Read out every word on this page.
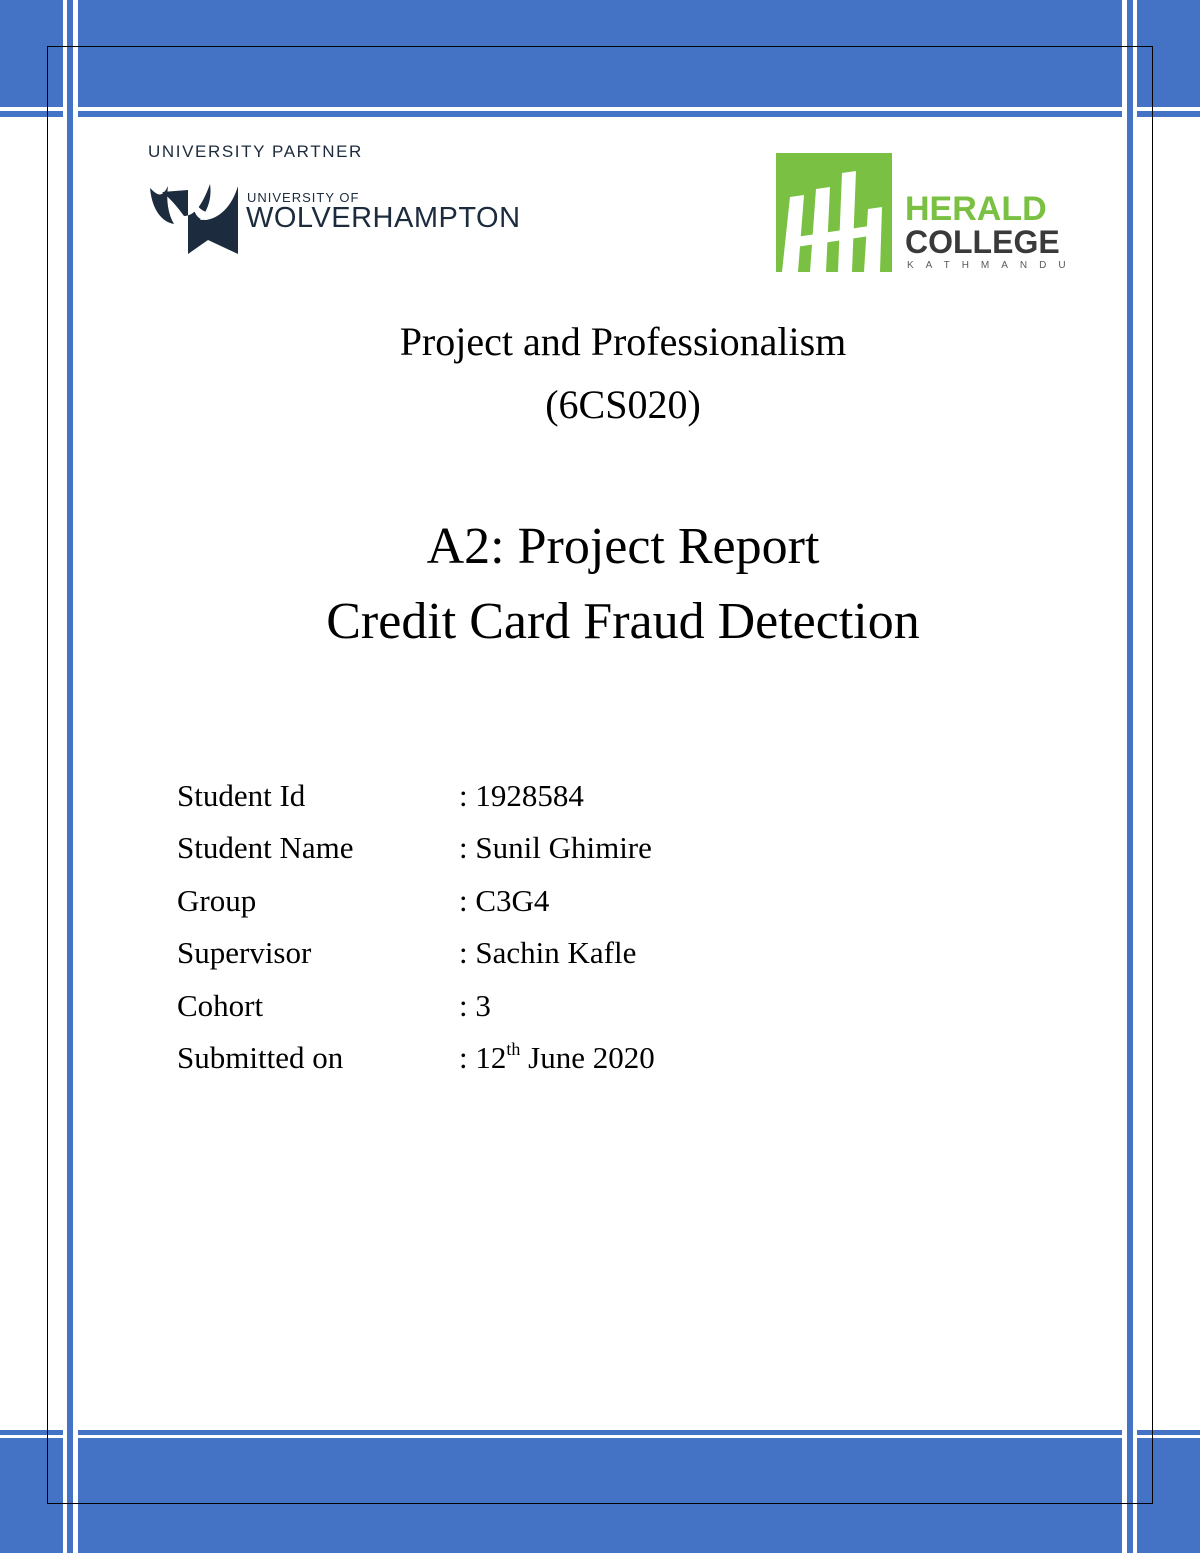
UNIVERSITY PARTNER
UNIVERSITY OF
WOLVERHAMPTON	HERALD
COLLEGE
KATHMANDU
Project and Professionalism
(6CS020)
A2: Project Report
Credit Card Fraud Detection
Student Id	: 1928584
Student Name	: Sunil Ghimire
Group	: C3G4
Supervisor	: Sachin Kafle
Cohort	: 3
Submitted on	: 12th June 2020
